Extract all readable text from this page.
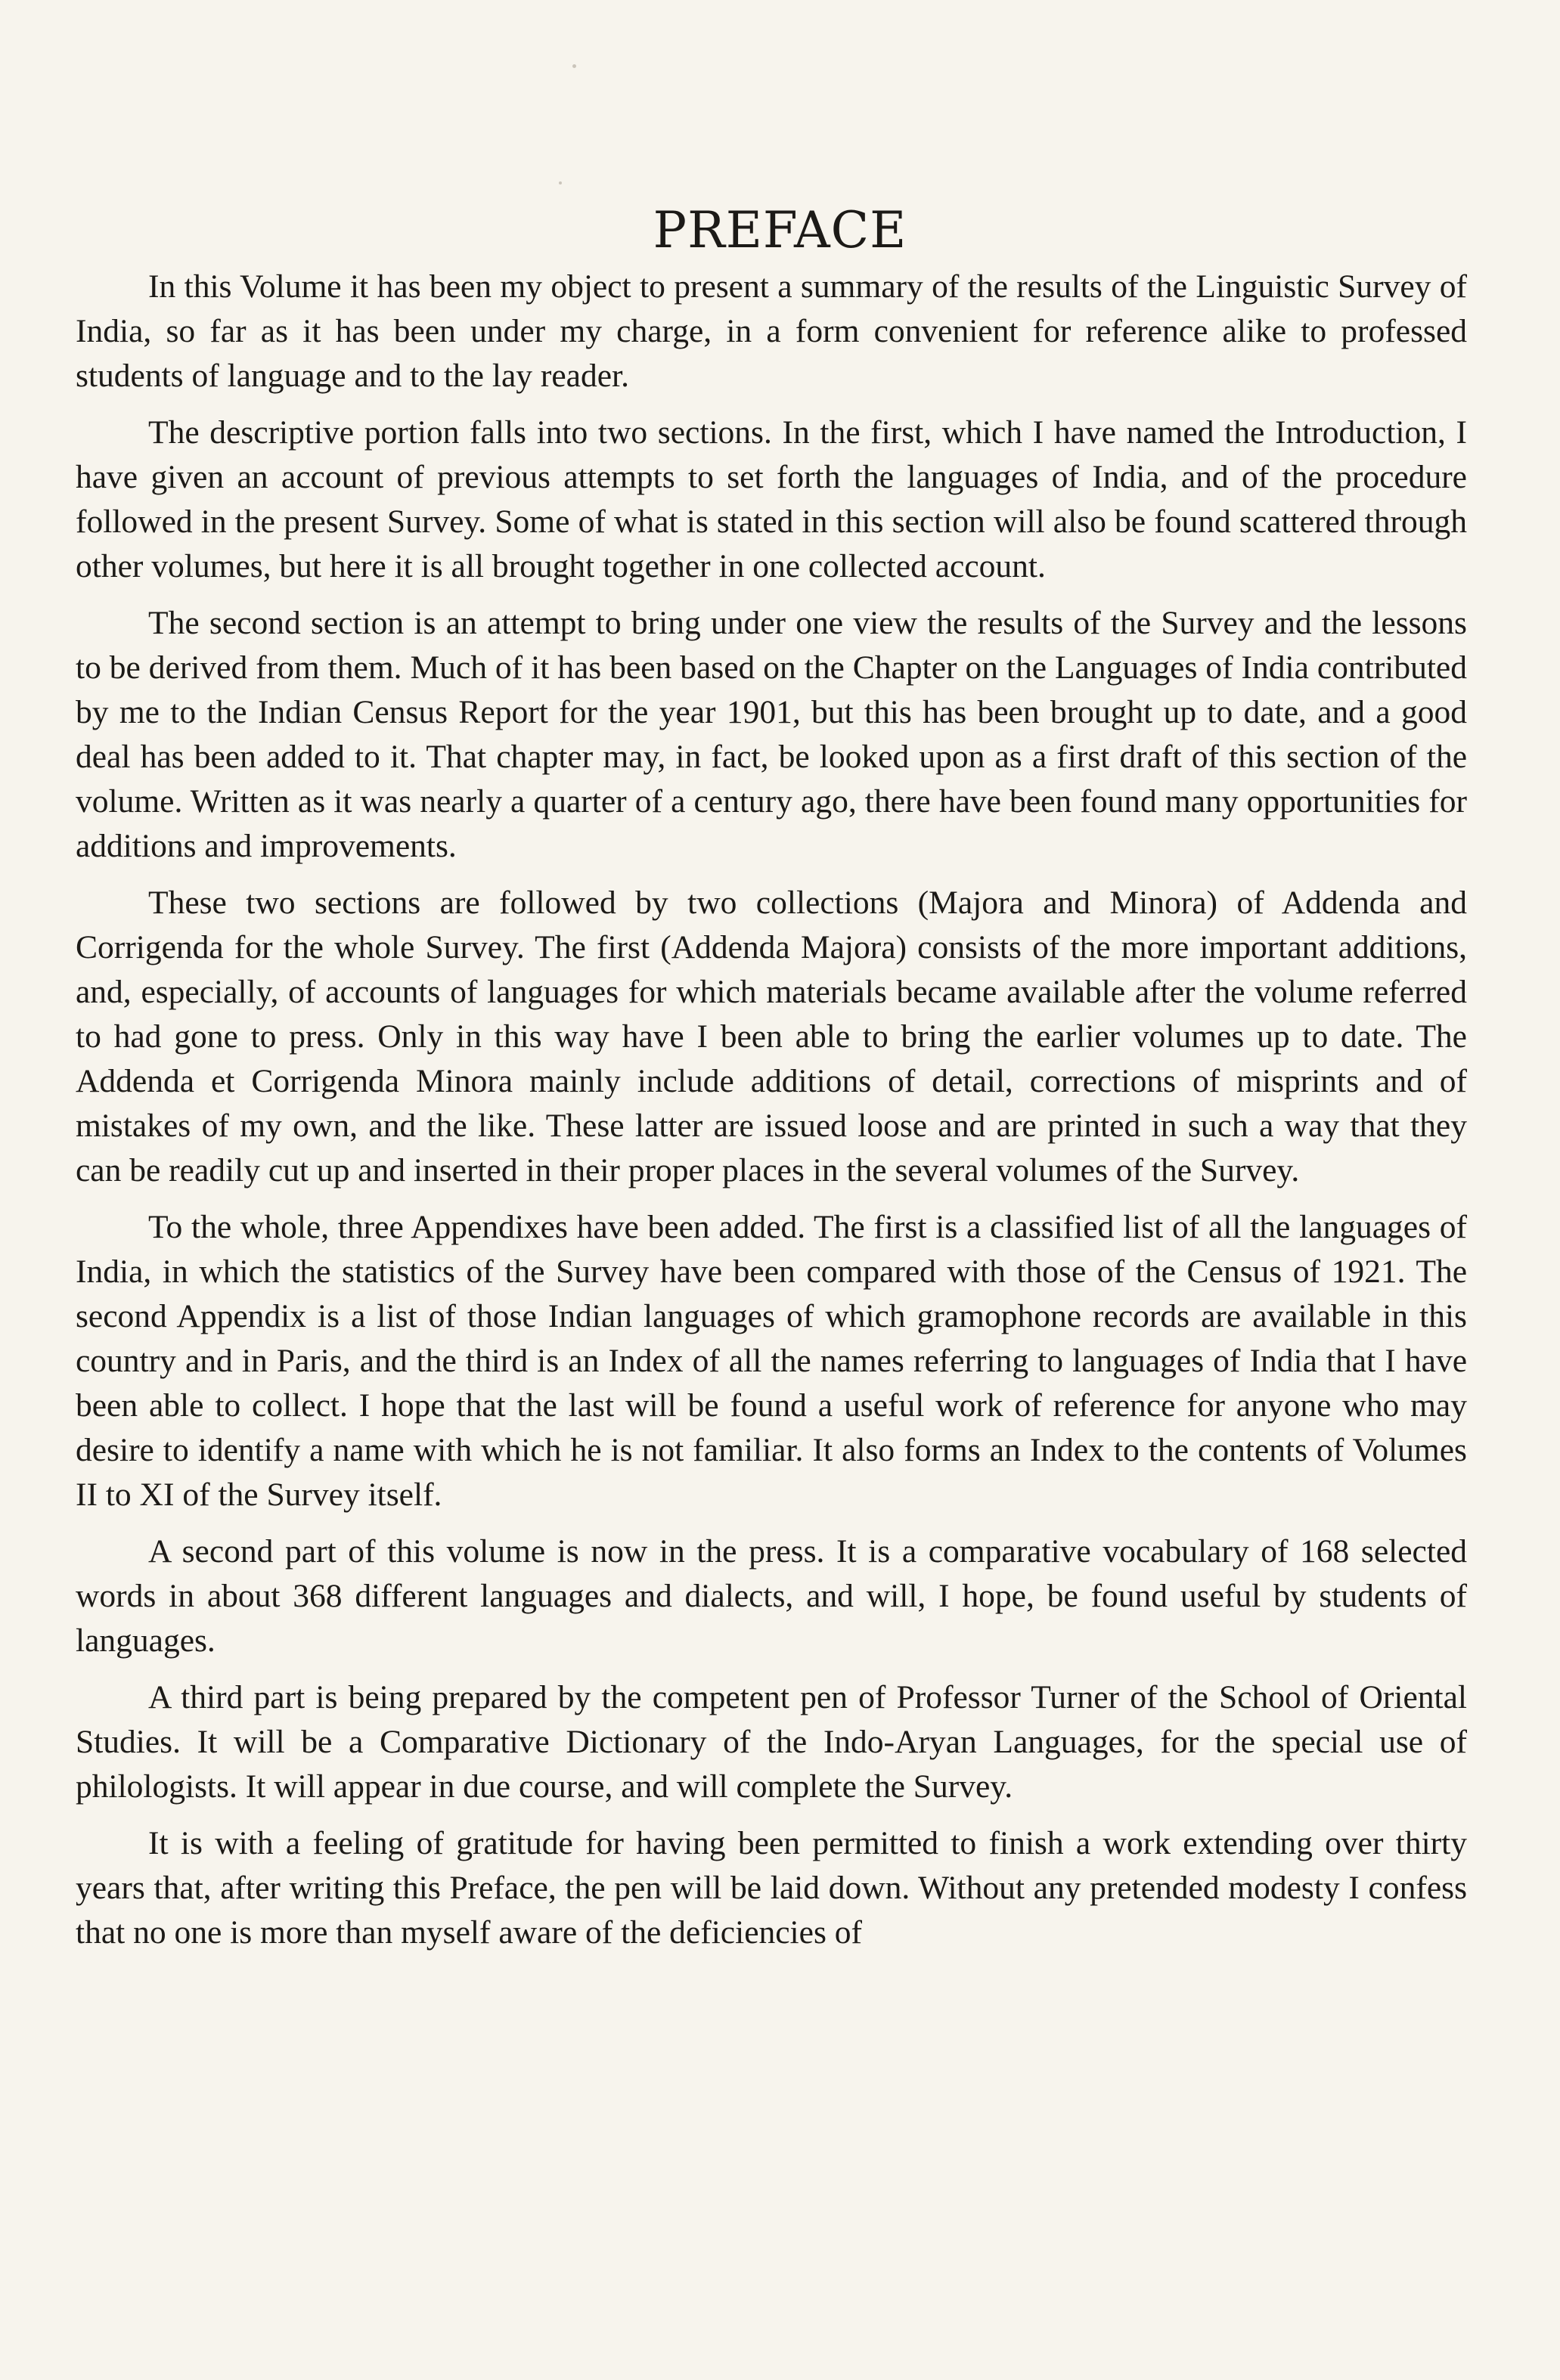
PREFACE

In this Volume it has been my object to present a summary of the results of the Linguistic Survey of India, so far as it has been under my charge, in a form convenient for reference alike to professed students of language and to the lay reader.

The descriptive portion falls into two sections. In the first, which I have named the Introduction, I have given an account of previous attempts to set forth the languages of India, and of the procedure followed in the present Survey. Some of what is stated in this section will also be found scattered through other volumes, but here it is all brought together in one collected account.

The second section is an attempt to bring under one view the results of the Survey and the lessons to be derived from them. Much of it has been based on the Chapter on the Languages of India contributed by me to the Indian Census Report for the year 1901, but this has been brought up to date, and a good deal has been added to it. That chapter may, in fact, be looked upon as a first draft of this section of the volume. Written as it was nearly a quarter of a century ago, there have been found many opportunities for additions and improvements.

These two sections are followed by two collections (Majora and Minora) of Addenda and Corrigenda for the whole Survey. The first (Addenda Majora) consists of the more important additions, and, especially, of accounts of languages for which materials became available after the volume referred to had gone to press. Only in this way have I been able to bring the earlier volumes up to date. The Addenda et Corrigenda Minora mainly include additions of detail, corrections of misprints and of mistakes of my own, and the like. These latter are issued loose and are printed in such a way that they can be readily cut up and inserted in their proper places in the several volumes of the Survey.

To the whole, three Appendixes have been added. The first is a classified list of all the languages of India, in which the statistics of the Survey have been compared with those of the Census of 1921. The second Appendix is a list of those Indian languages of which gramophone records are available in this country and in Paris, and the third is an Index of all the names referring to languages of India that I have been able to collect. I hope that the last will be found a useful work of reference for anyone who may desire to identify a name with which he is not familiar. It also forms an Index to the contents of Volumes II to XI of the Survey itself.

A second part of this volume is now in the press. It is a comparative vocabulary of 168 selected words in about 368 different languages and dialects, and will, I hope, be found useful by students of languages.

A third part is being prepared by the competent pen of Professor Turner of the School of Oriental Studies. It will be a Comparative Dictionary of the Indo-Aryan Languages, for the special use of philologists. It will appear in due course, and will complete the Survey.

It is with a feeling of gratitude for having been permitted to finish a work extending over thirty years that, after writing this Preface, the pen will be laid down. Without any pretended modesty I confess that no one is more than myself aware of the deficiencies of
